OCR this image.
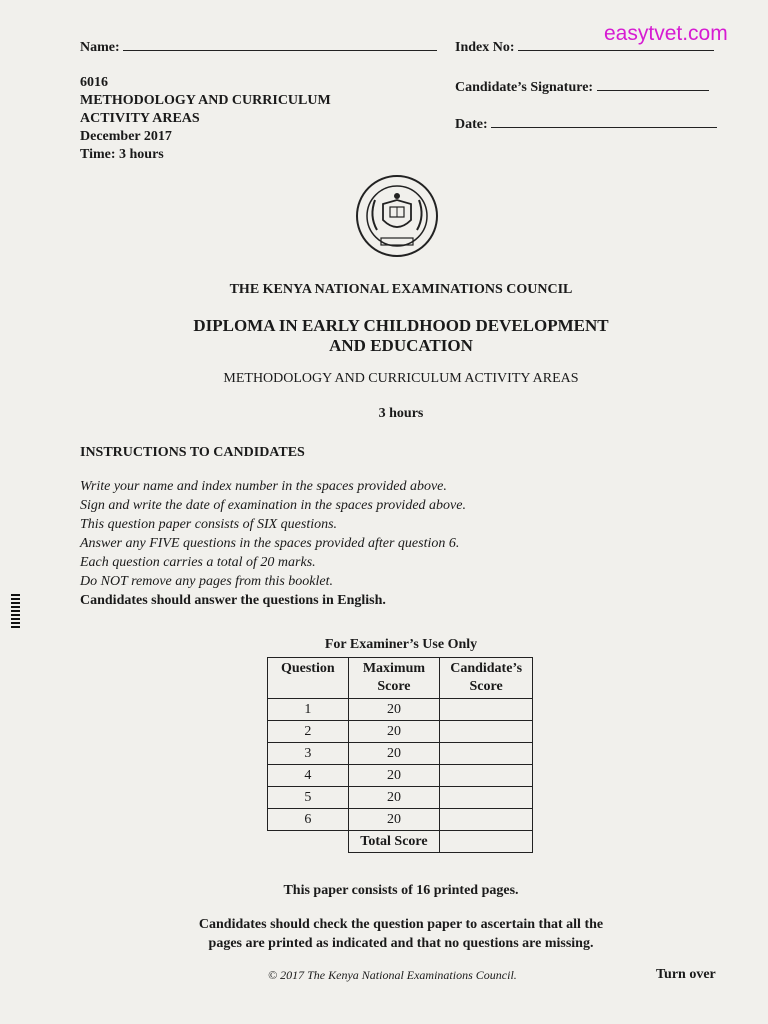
easytvet.com
Name:	Index No:
6016
METHODOLOGY AND CURRICULUM
ACTIVITY AREAS
December 2017
Time: 3 hours
Candidate’s Signature:
Date:
THE KENYA NATIONAL EXAMINATIONS COUNCIL
DIPLOMA IN EARLY CHILDHOOD DEVELOPMENT
AND EDUCATION
METHODOLOGY AND CURRICULUM ACTIVITY AREAS
3 hours
INSTRUCTIONS TO CANDIDATES

Write your name and index number in the spaces provided above.

Sign and write the date of examination in the spaces provided above.

This question paper consists of SIX questions.

Answer any FIVE questions in the spaces provided after question 6.

Each question carries a total of 20 marks.

Do NOT remove any pages from this booklet.

Candidates should answer the questions in English.

For Examiner’s Use Only
Question	Maximum Score	Candidate’s Score
1	20	
2	20	
3	20	
4	20	
5	20	
6	20	
	Total Score	
This paper consists of 16 printed pages.
Candidates should check the question paper to ascertain that all the
pages are printed as indicated and that no questions are missing.
© 2017 The Kenya National Examinations Council.	Turn over
